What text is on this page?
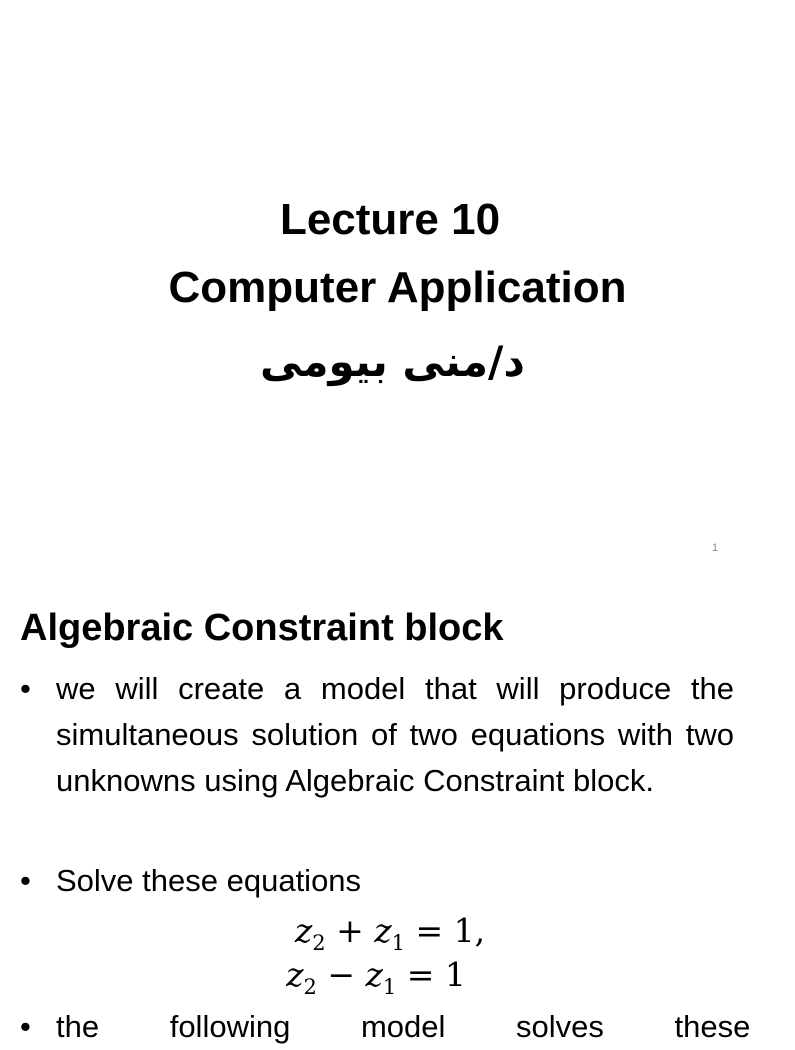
Lecture 10
Computer Application
د/منى بيومى
1
Algebraic Constraint block
• we will create a model that will produce the simultaneous solution of two equations with two unknowns using Algebraic Constraint block.
• Solve these equations
$z_2 + z_1 = 1$,
$z_2 - z_1 = 1$
• the following model solves these
